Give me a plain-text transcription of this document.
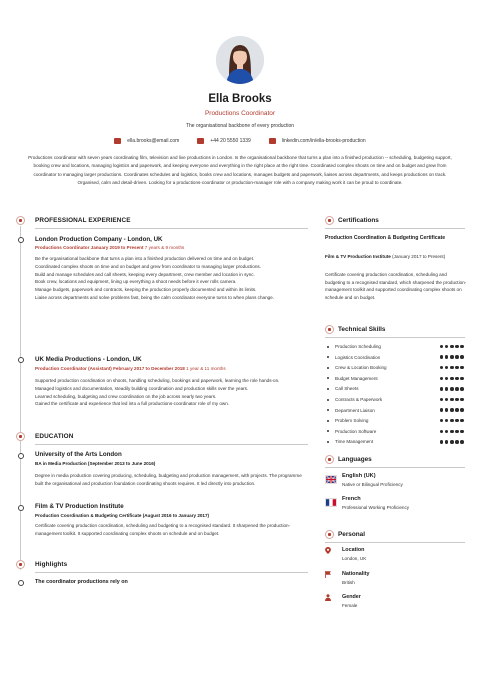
Ella Brooks
Productions Coordinator
The organisational backbone of every production
ella.brooks@email.com	+44 20 5550 1339	linkedin.com/in/ella-brooks-production
Productions coordinator with seven years coordinating film, television and live productions in London. Is the organisational backbone that turns a plan into a finished production -- scheduling, budgeting support, booking crew and locations, managing logistics and paperwork, and keeping everyone and everything in the right place at the right time. Coordinated complex shoots on time and on budget and grew from coordinator to managing larger productions. Coordinates schedules and logistics, books crew and locations, manages budgets and paperwork, liaises across departments, and keeps productions on track. Organised, calm and detail-driven. Looking for a productions-coordinator or production-manager role with a company making work it can be proud to coordinate.
PROFESSIONAL EXPERIENCE
London Production Company - London, UK
Productions Coordinator January 2019 to Present 7 years & 9 months

Be the organisational backbone that turns a plan into a finished production delivered on time and on budget.

Coordinated complex shoots on time and on budget and grew from coordinator to managing larger productions.

Build and manage schedules and call sheets, keeping every department, crew member and location in sync.

Book crew, locations and equipment, lining up everything a shoot needs before it ever rolls camera.

Manage budgets, paperwork and contracts, keeping the production properly documented and within its limits.

Liaise across departments and solve problems fast, being the calm coordinator everyone turns to when plans change.

UK Media Productions - London, UK
Production Coordinator (Assistant) February 2017 to December 2018 1 year & 11 months

Supported production coordination on shoots, handling scheduling, bookings and paperwork, learning the role hands-on.

Managed logistics and documentation, steadily building coordination and production skills over the years.

Learned scheduling, budgeting and crew coordination on the job across nearly two years.

Gained the certificate and experience that led into a full productions-coordinator role of my own.

EDUCATION
University of the Arts London
BA in Media Production (September 2013 to June 2016)

Degree in media production covering producing, scheduling, budgeting and production management, with projects. The programme built the organisational and production foundation coordinating shoots requires. It led directly into production.

Film & TV Production Institute
Production Coordination & Budgeting Certificate (August 2016 to January 2017)

Certificate covering production coordination, scheduling and budgeting to a recognised standard. It sharpened the production-management toolkit. It supported coordinating complex shoots on schedule and on budget.

Highlights
The coordinator productions rely on
Certifications
Production Coordination & Budgeting Certificate
Film & TV Production Institute (January 2017 to Present)
Certificate covering production coordination, scheduling and budgeting to a recognised standard, which sharpened the production-management toolkit and supported coordinating complex shoots on schedule and on budget.
Technical Skills
Production Scheduling
Logistics Coordination
Crew & Location Booking
Budget Management
Call Sheets
Contracts & Paperwork
Department Liaison
Problem Solving
Production Software
Time Management
Languages
English (UK)
Native or Bilingual Proficiency
French
Professional Working Proficiency
Personal
Location
London, UK
Nationality
British
Gender
Female
